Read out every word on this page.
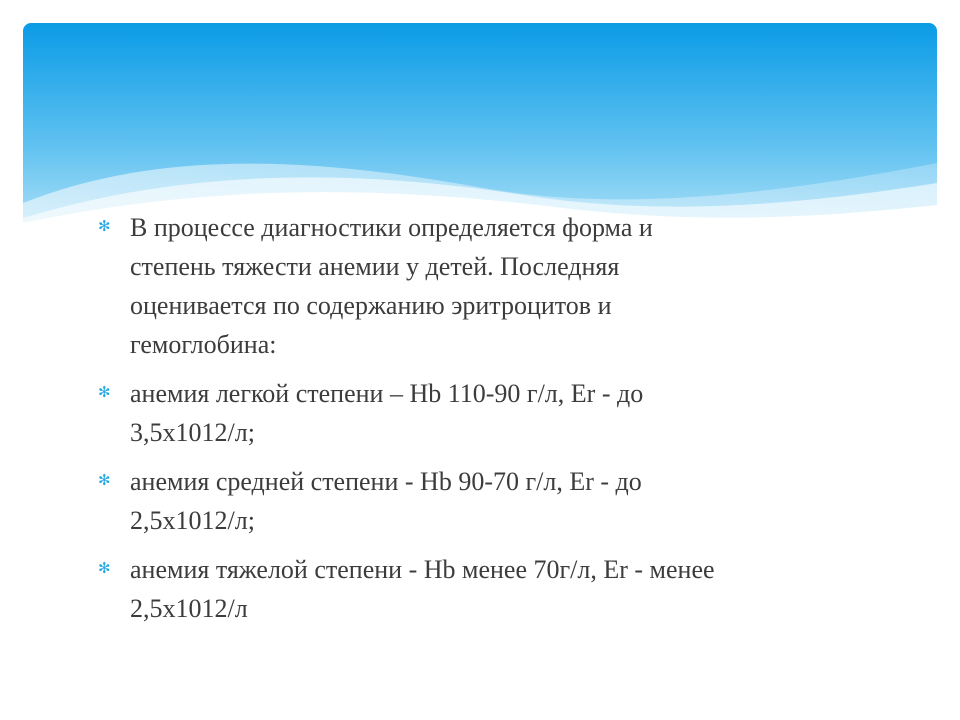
✻ В процессе диагностики определяется форма и
степень тяжести анемии у детей. Последняя
оценивается по содержанию эритроцитов и
гемоглобина:
✻ анемия легкой степени – Нb 110-90 г/л, Er - до
3,5х1012/л;
✻ анемия средней степени - Нb 90-70 г/л, Er - до
2,5х1012/л;
✻ анемия тяжелой степени - Нb менее 70г/л, Er - менее
2,5х1012/л
